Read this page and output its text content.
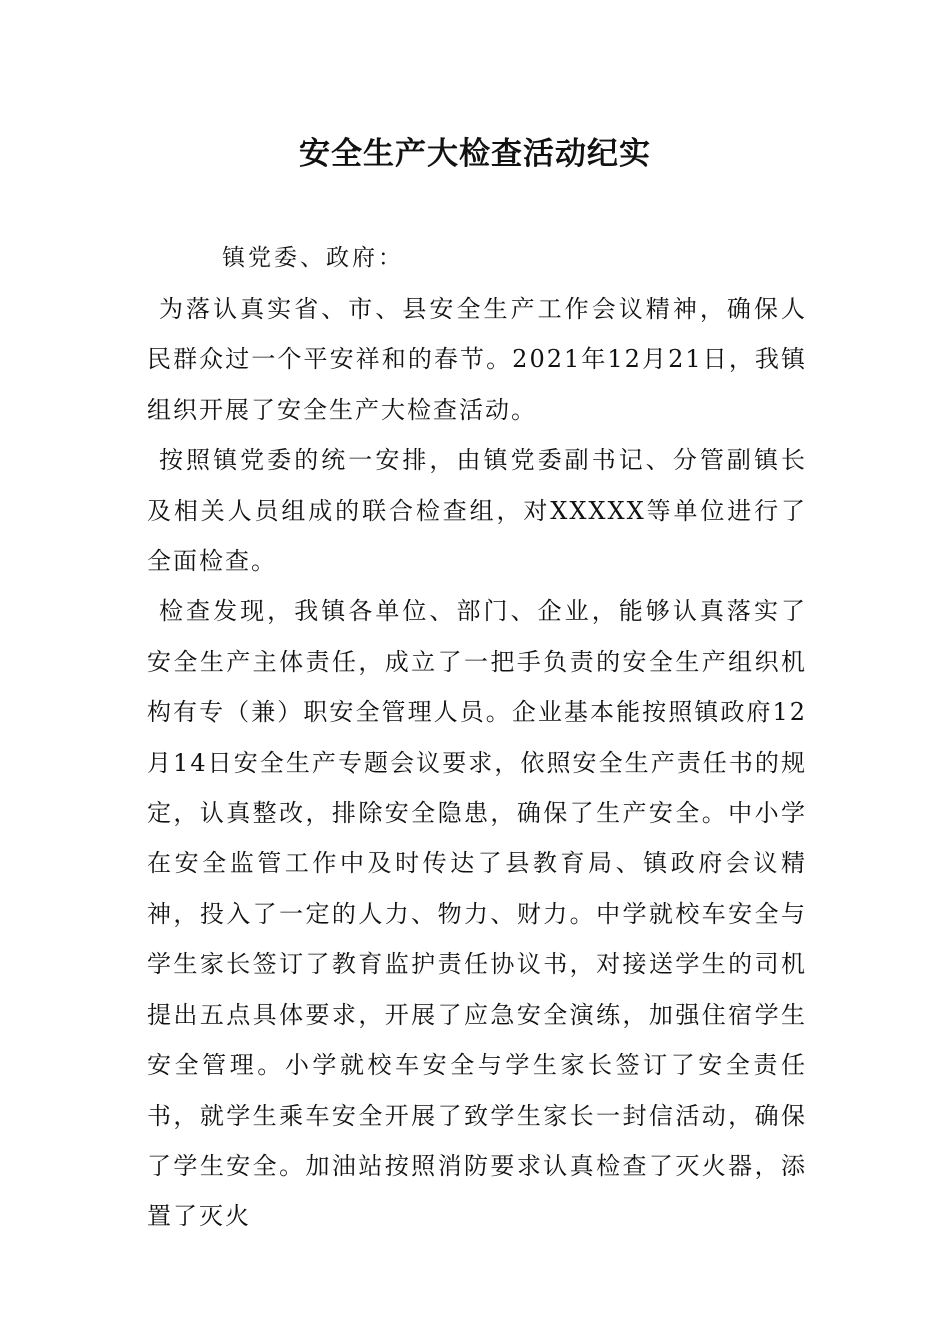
安全生产大检查活动纪实
镇党委、政府：

为落认真实省、市、县安全生产工作会议精神，确保人民群众过一个平安祥和的春节。2021年12月21日，我镇组织开展了安全生产大检查活动。

按照镇党委的统一安排，由镇党委副书记、分管副镇长及相关人员组成的联合检查组，对XXXXX等单位进行了全面检查。

检查发现，我镇各单位、部门、企业，能够认真落实了安全生产主体责任，成立了一把手负责的安全生产组织机构有专（兼）职安全管理人员。企业基本能按照镇政府12月14日安全生产专题会议要求，依照安全生产责任书的规定，认真整改，排除安全隐患，确保了生产安全。中小学在安全监管工作中及时传达了县教育局、镇政府会议精神，投入了一定的人力、物力、财力。中学就校车安全与学生家长签订了教育监护责任协议书，对接送学生的司机提出五点具体要求，开展了应急安全演练，加强住宿学生安全管理。小学就校车安全与学生家长签订了安全责任书，就学生乘车安全开展了致学生家长一封信活动，确保了学生安全。加油站按照消防要求认真检查了灭火器，添置了灭火
